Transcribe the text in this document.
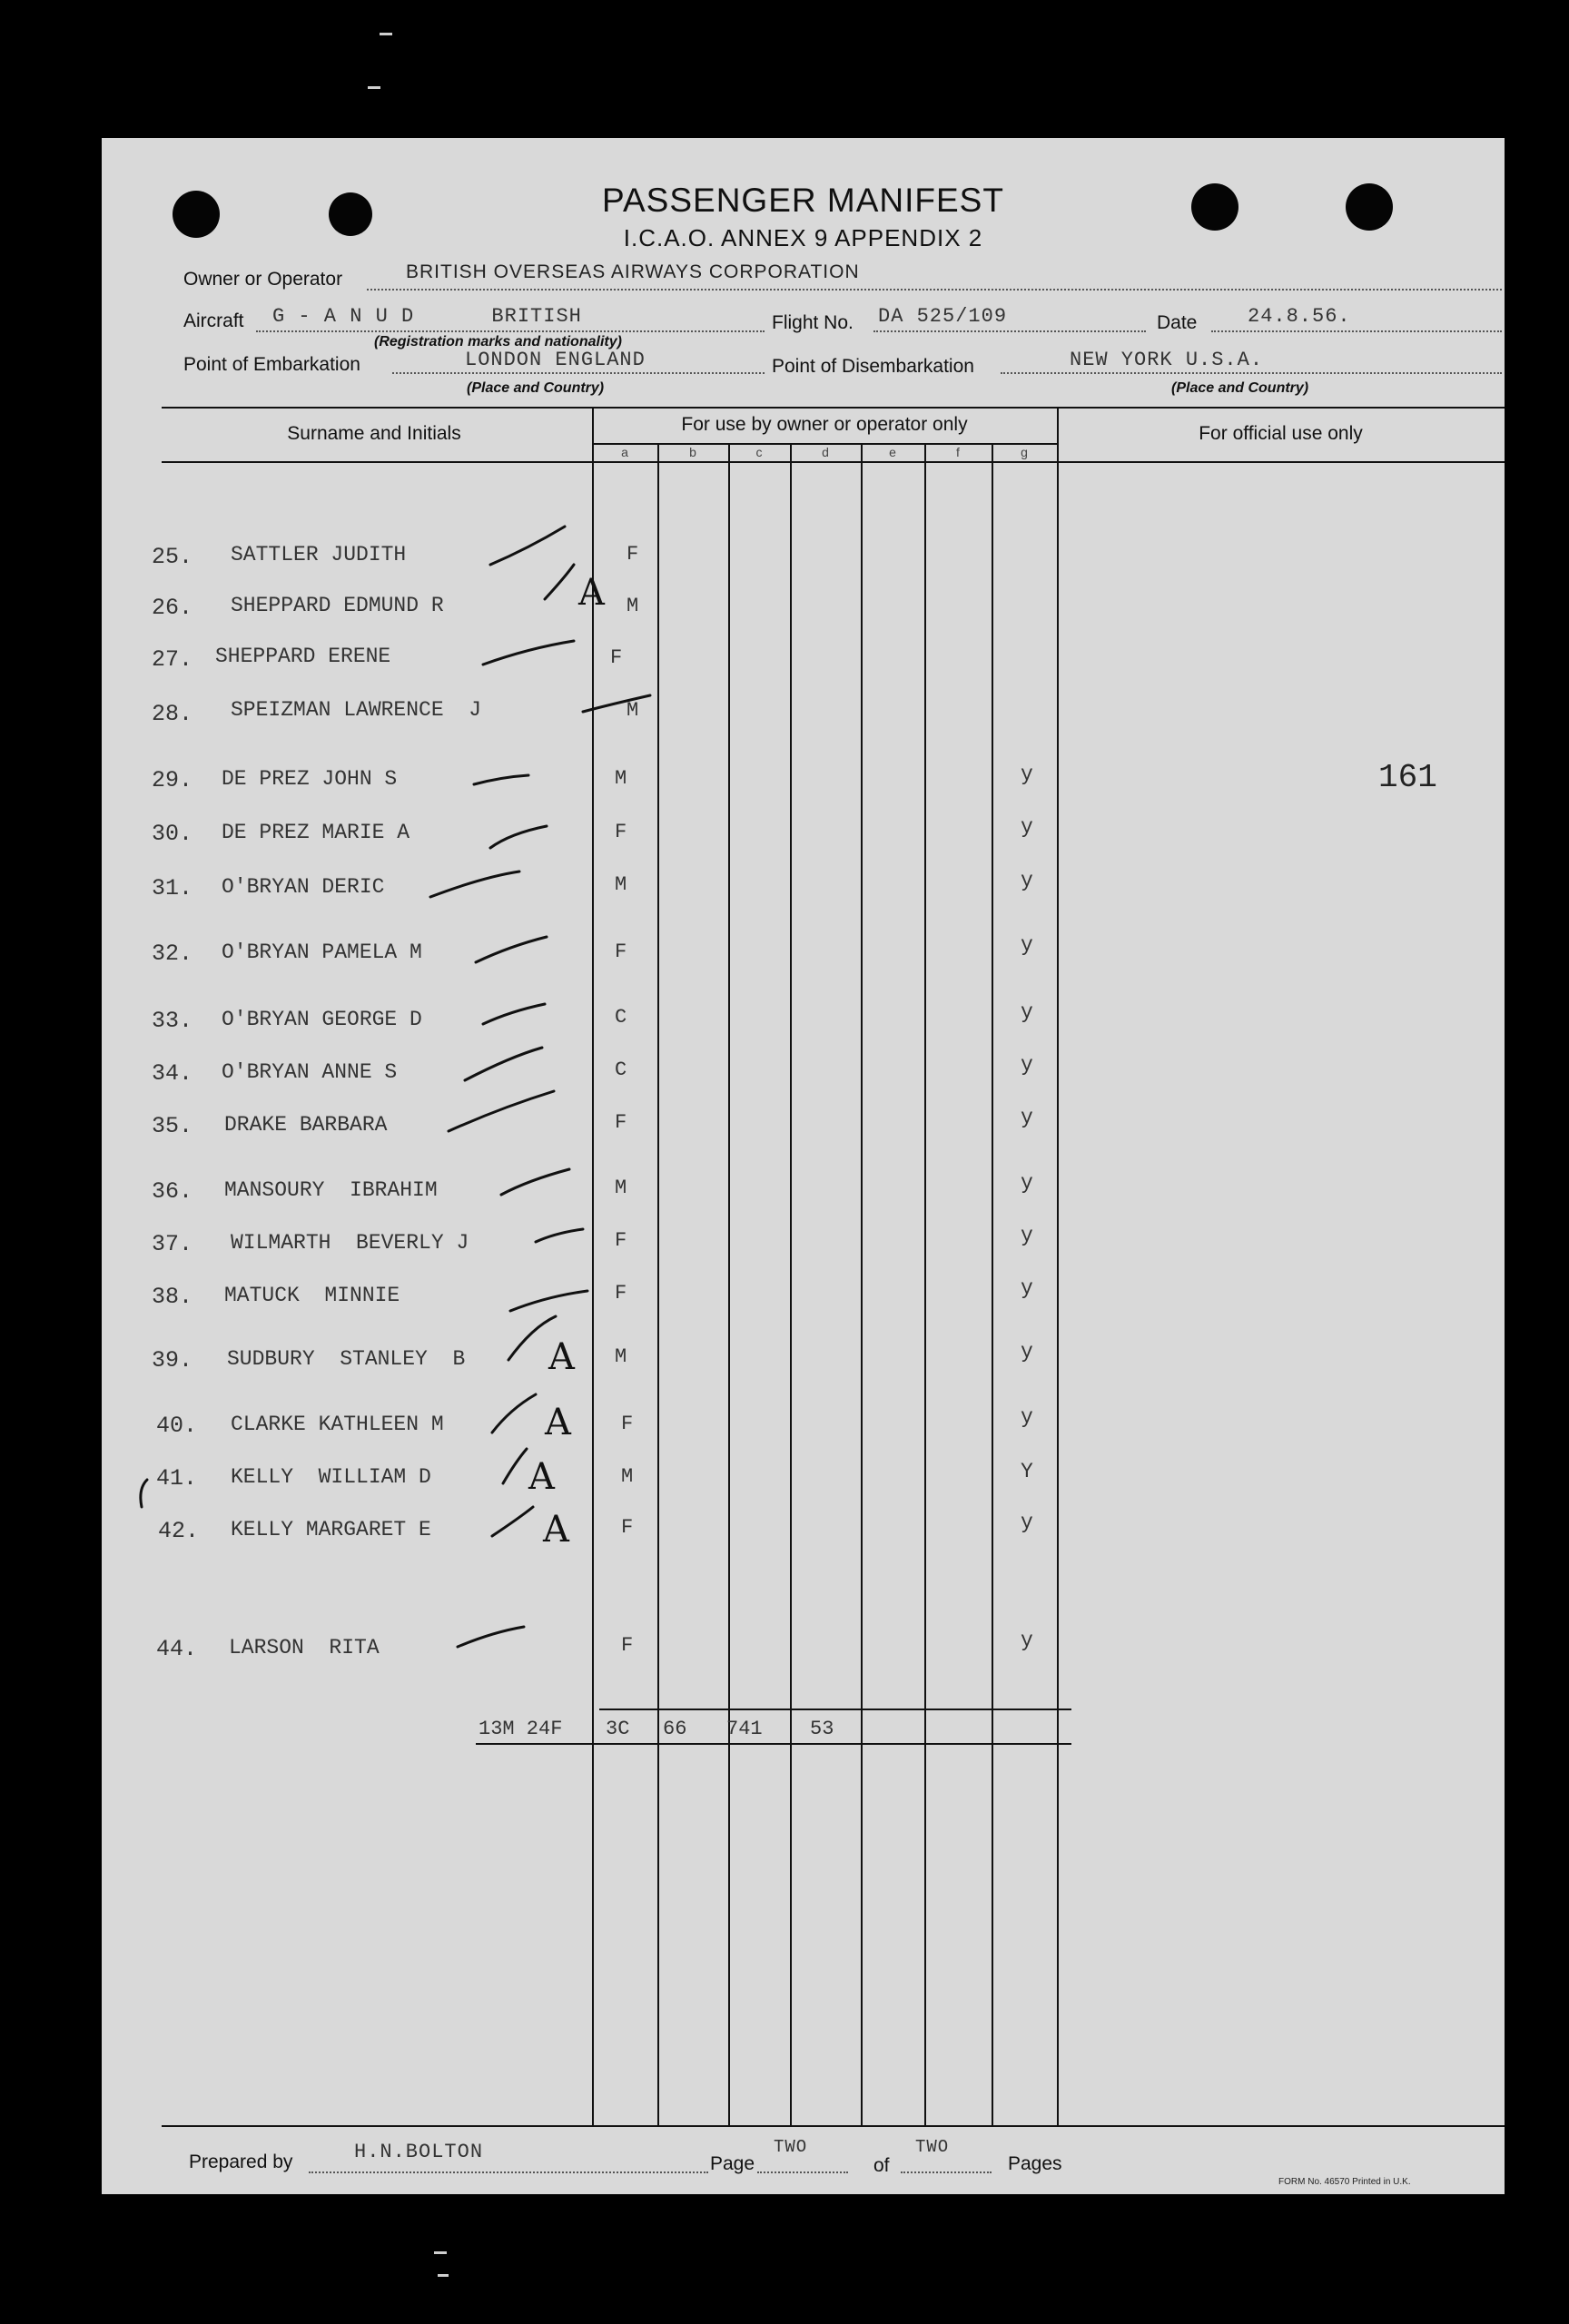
PASSENGER MANIFEST
I.C.A.O. ANNEX 9 APPENDIX 2
Owner or Operator	BRITISH OVERSEAS AIRWAYS CORPORATION
Aircraft G - A N U D      BRITISH
(Registration marks and nationality)
Flight No. DA 525/109	Date	24.8.56.
Point of Embarkation	LONDON ENGLAND
(Place and Country)
Point of Disembarkation	NEW YORK U.S.A.
(Place and Country)
Surname and Initials	For use by owner or operator only	For official use only
a	b	c	d	e	f	g
25. SATTLER JUDITH	F
26. SHEPPARD EDMUND R	M
27. SHEPPARD ERENE	F
28. SPEIZMAN LAWRENCE  J	M
29. DE PREZ JOHN S	M	y
30. DE PREZ MARIE A	F	y
31. O'BRYAN DERIC	M	y
32. O'BRYAN PAMELA M	F	y
33. O'BRYAN GEORGE D	C	y
34. O'BRYAN ANNE S	C	y
35. DRAKE BARBARA	F	y
36. MANSOURY  IBRAHIM	M	y
37. WILMARTH  BEVERLY J	F	y
38. MATUCK  MINNIE	F	y
39. SUDBURY  STANLEY  B	M	y
40. CLARKE KATHLEEN M	F	y
41. KELLY  WILLIAM D	M	Y
42. KELLY MARGARET E	F	y
44. LARSON  RITA	F	y
A
A
A
A
A
13M 24F 3C 66 741 53
161
Prepared by	H.N.BOLTON
Page
TWO
of
TWO
Pages
FORM No. 46570 Printed in U.K.
